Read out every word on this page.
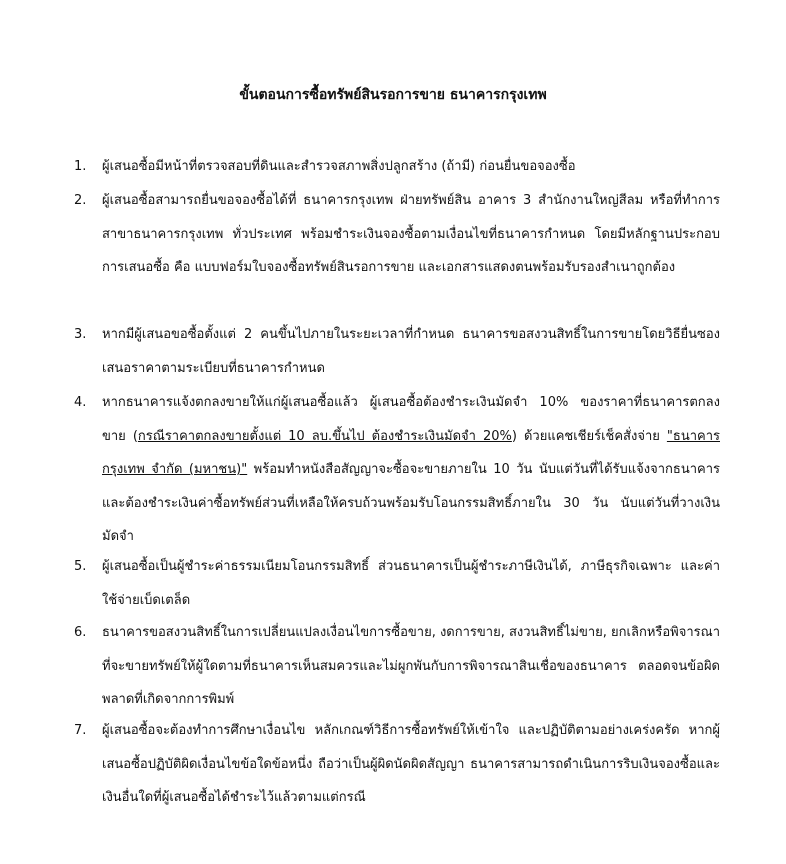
ขั้นตอนการซื้อทรัพย์สินรอการขาย ธนาคารกรุงเทพ
1.	ผู้เสนอซื้อมีหน้าที่ตรวจสอบที่ดินและสำรวจสภาพสิ่งปลูกสร้าง (ถ้ามี) ก่อนยื่นขอจองซื้อ
2.	ผู้เสนอซื้อสามารถยื่นขอจองซื้อได้ที่ ธนาคารกรุงเทพ ฝ่ายทรัพย์สิน อาคาร 3 สำนักงานใหญ่สีลม หรือที่ทำการสาขาธนาคารกรุงเทพ ทั่วประเทศ พร้อมชำระเงินจองซื้อตามเงื่อนไขที่ธนาคารกำหนด โดยมีหลักฐานประกอบการเสนอซื้อ คือ แบบฟอร์มใบจองซื้อทรัพย์สินรอการขาย และเอกสารแสดงตนพร้อมรับรองสำเนาถูกต้อง
3.	หากมีผู้เสนอขอซื้อตั้งแต่ 2 คนขึ้นไปภายในระยะเวลาที่กำหนด ธนาคารขอสงวนสิทธิ์ในการขายโดยวิธียื่นซองเสนอราคาตามระเบียบที่ธนาคารกำหนด
4.	หากธนาคารแจ้งตกลงขายให้แก่ผู้เสนอซื้อแล้ว ผู้เสนอซื้อต้องชำระเงินมัดจำ 10% ของราคาที่ธนาคารตกลงขาย (กรณีราคาตกลงขายตั้งแต่ 10 ลบ.ขึ้นไป ต้องชำระเงินมัดจำ 20%) ด้วยแคชเชียร์เช็คสั่งจ่าย "ธนาคารกรุงเทพ จำกัด (มหาชน)" พร้อมทำหนังสือสัญญาจะซื้อจะขายภายใน 10 วัน นับแต่วันที่ได้รับแจ้งจากธนาคารและต้องชำระเงินค่าซื้อทรัพย์ส่วนที่เหลือให้ครบถ้วนพร้อมรับโอนกรรมสิทธิ์ภายใน 30 วัน นับแต่วันที่วางเงินมัดจำ
5.	ผู้เสนอซื้อเป็นผู้ชำระค่าธรรมเนียมโอนกรรมสิทธิ์ ส่วนธนาคารเป็นผู้ชำระภาษีเงินได้, ภาษีธุรกิจเฉพาะ และค่าใช้จ่ายเบ็ดเตล็ด
6.	ธนาคารขอสงวนสิทธิ์ในการเปลี่ยนแปลงเงื่อนไขการซื้อขาย, งดการขาย, สงวนสิทธิ์ไม่ขาย, ยกเลิกหรือพิจารณาที่จะขายทรัพย์ให้ผู้ใดตามที่ธนาคารเห็นสมควรและไม่ผูกพันกับการพิจารณาสินเชื่อของธนาคาร ตลอดจนข้อผิดพลาดที่เกิดจากการพิมพ์
7.	ผู้เสนอซื้อจะต้องทำการศึกษาเงื่อนไข หลักเกณฑ์วิธีการซื้อทรัพย์ให้เข้าใจ และปฏิบัติตามอย่างเคร่งครัด หากผู้เสนอซื้อปฏิบัติผิดเงื่อนไขข้อใดข้อหนึ่ง ถือว่าเป็นผู้ผิดนัดผิดสัญญา ธนาคารสามารถดำเนินการริบเงินจองซื้อและเงินอื่นใดที่ผู้เสนอซื้อได้ชำระไว้แล้วตามแต่กรณี
